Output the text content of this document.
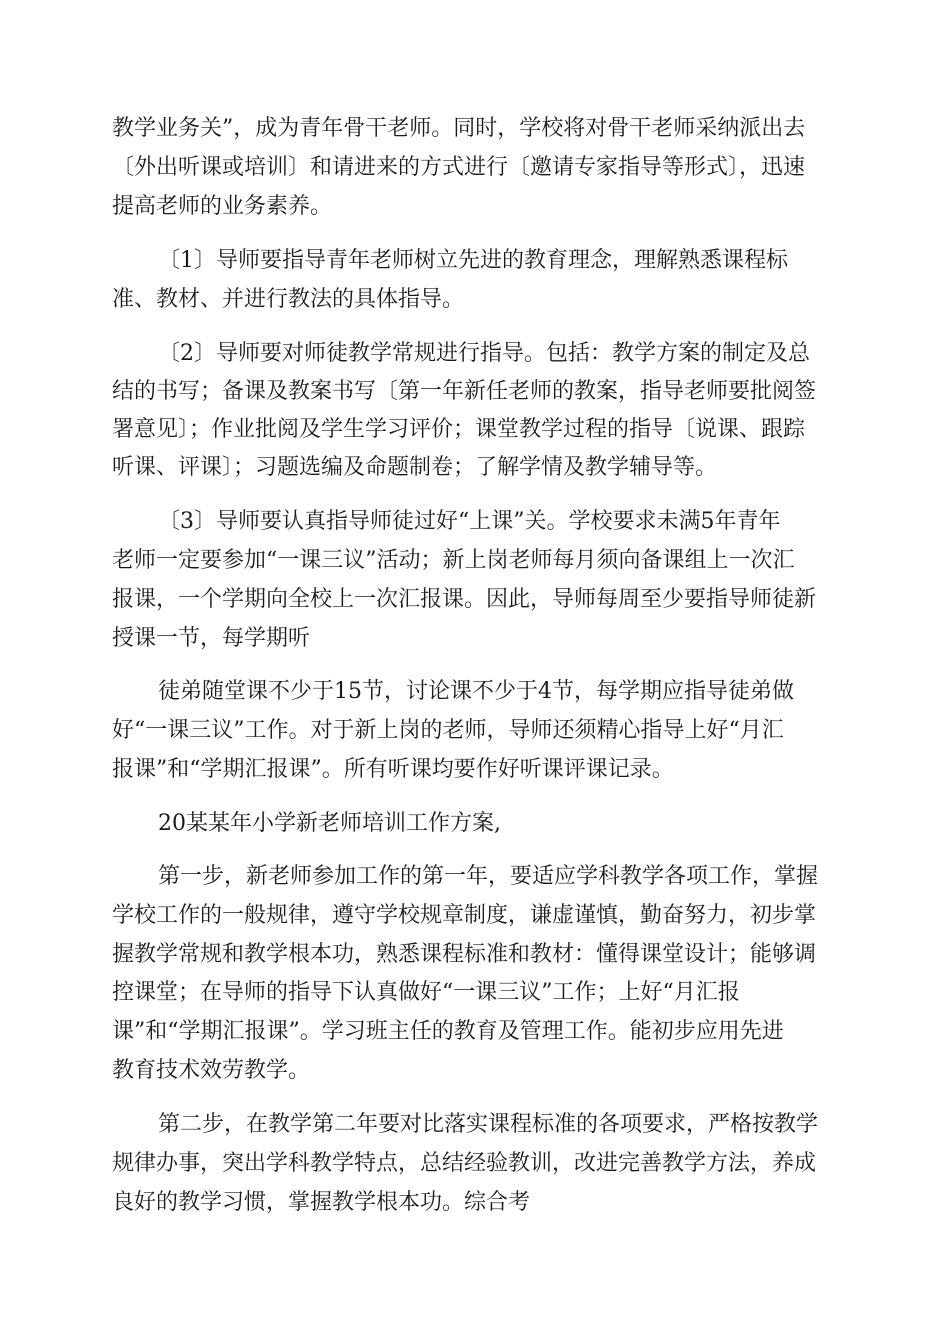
教学业务关”，成为青年骨干老师。同时，学校将对骨干老师采纳派出去
〔外出听课或培训〕和请进来的方式进行〔邀请专家指导等形式〕，迅速
提高老师的业务素养。
〔1〕导师要指导青年老师树立先进的教育理念，理解熟悉课程标
准、教材、并进行教法的具体指导。
〔2〕导师要对师徒教学常规进行指导。包括：教学方案的制定及总
结的书写；备课及教案书写〔第一年新任老师的教案，指导老师要批阅签
署意见〕；作业批阅及学生学习评价；课堂教学过程的指导〔说课、跟踪
听课、评课〕；习题选编及命题制卷；了解学情及教学辅导等。
〔3〕导师要认真指导师徒过好“上课”关。学校要求未满5年青年
老师一定要参加“一课三议”活动；新上岗老师每月须向备课组上一次汇
报课，一个学期向全校上一次汇报课。因此，导师每周至少要指导师徒新
授课一节，每学期听
徒弟随堂课不少于15节，讨论课不少于4节，每学期应指导徒弟做
好“一课三议”工作。对于新上岗的老师，导师还须精心指导上好“月汇
报课”和“学期汇报课”。所有听课均要作好听课评课记录。
20某某年小学新老师培训工作方案,
第一步，新老师参加工作的第一年，要适应学科教学各项工作，掌握
学校工作的一般规律，遵守学校规章制度，谦虚谨慎，勤奋努力，初步掌
握教学常规和教学根本功，熟悉课程标准和教材：懂得课堂设计；能够调
控课堂；在导师的指导下认真做好“一课三议”工作；上好“月汇报
课”和“学期汇报课”。学习班主任的教育及管理工作。能初步应用先进
教育技术效劳教学。
第二步，在教学第二年要对比落实课程标准的各项要求，严格按教学
规律办事，突出学科教学特点，总结经验教训，改进完善教学方法，养成
良好的教学习惯，掌握教学根本功。综合考
